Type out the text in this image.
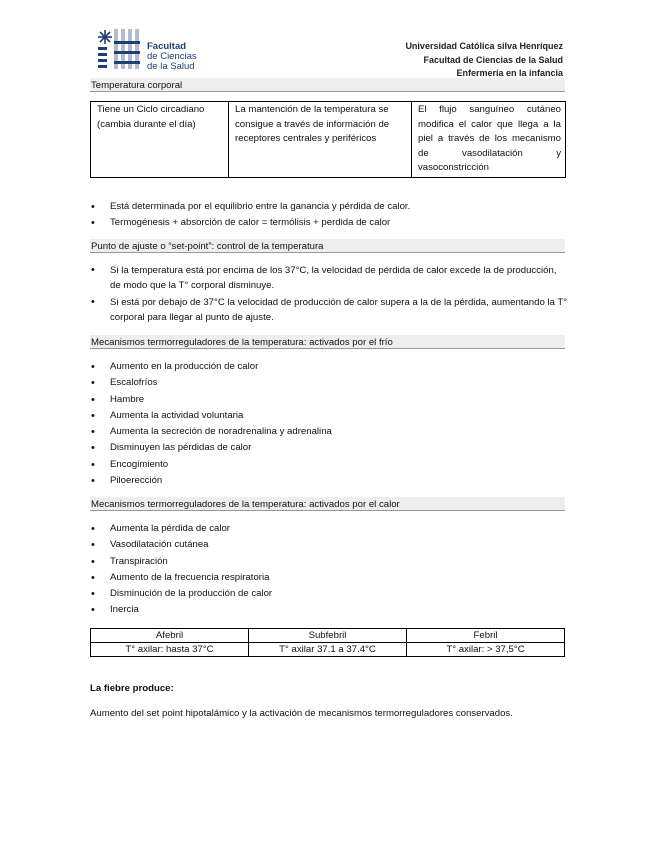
Facultad
de Ciencias
de la Salud
Universidad Católica silva Henríquez
Facultad de Ciencias de la Salud
Enfermería en la infancia
Temperatura corporal
Tiene un Ciclo circadiano (cambia durante el día)	La mantención de la temperatura se consigue a través de información de receptores centrales y periféricos	El flujo sanguíneo cutáneo modifica el calor que llega a la piel a través de los mecanismo de vasodilatación y vasoconstricción
• Está determinada por el equilibrio entre la ganancia y pérdida de calor.
• Termogénesis + absorción de calor = termólisis + perdida de calor
Punto de ajuste o “set-point”: control de la temperatura
• Si la temperatura está por encima de los 37°C, la velocidad de pérdida de calor excede la de producción, de modo que la T° corporal disminuye.
• Si está por debajo de 37°C la velocidad de producción de calor supera a la de la pérdida, aumentando la T° corporal para llegar al punto de ajuste.
Mecanismos termorreguladores de la temperatura: activados por el frío
• Aumento en la producción de calor
• Escalofríos
• Hambre
• Aumenta la actividad voluntaria
• Aumenta la secreción de noradrenalina y adrenalina
• Disminuyen las pérdidas de calor
• Encogimiento
• Piloerección
Mecanismos termorreguladores de la temperatura: activados por el calor
• Aumenta la pérdida de calor
• Vasodilatación cutánea
• Transpiración
• Aumento de la frecuencia respiratoria
• Disminución de la producción de calor
• Inercia
Afebril	Subfebril	Febril
T° axilar: hasta 37°C	T° axilar 37.1 a 37.4°C	T° axilar: > 37,5°C
La fiebre produce:
Aumento del set point hipotalámico y la activación de mecanismos termorreguladores conservados.
